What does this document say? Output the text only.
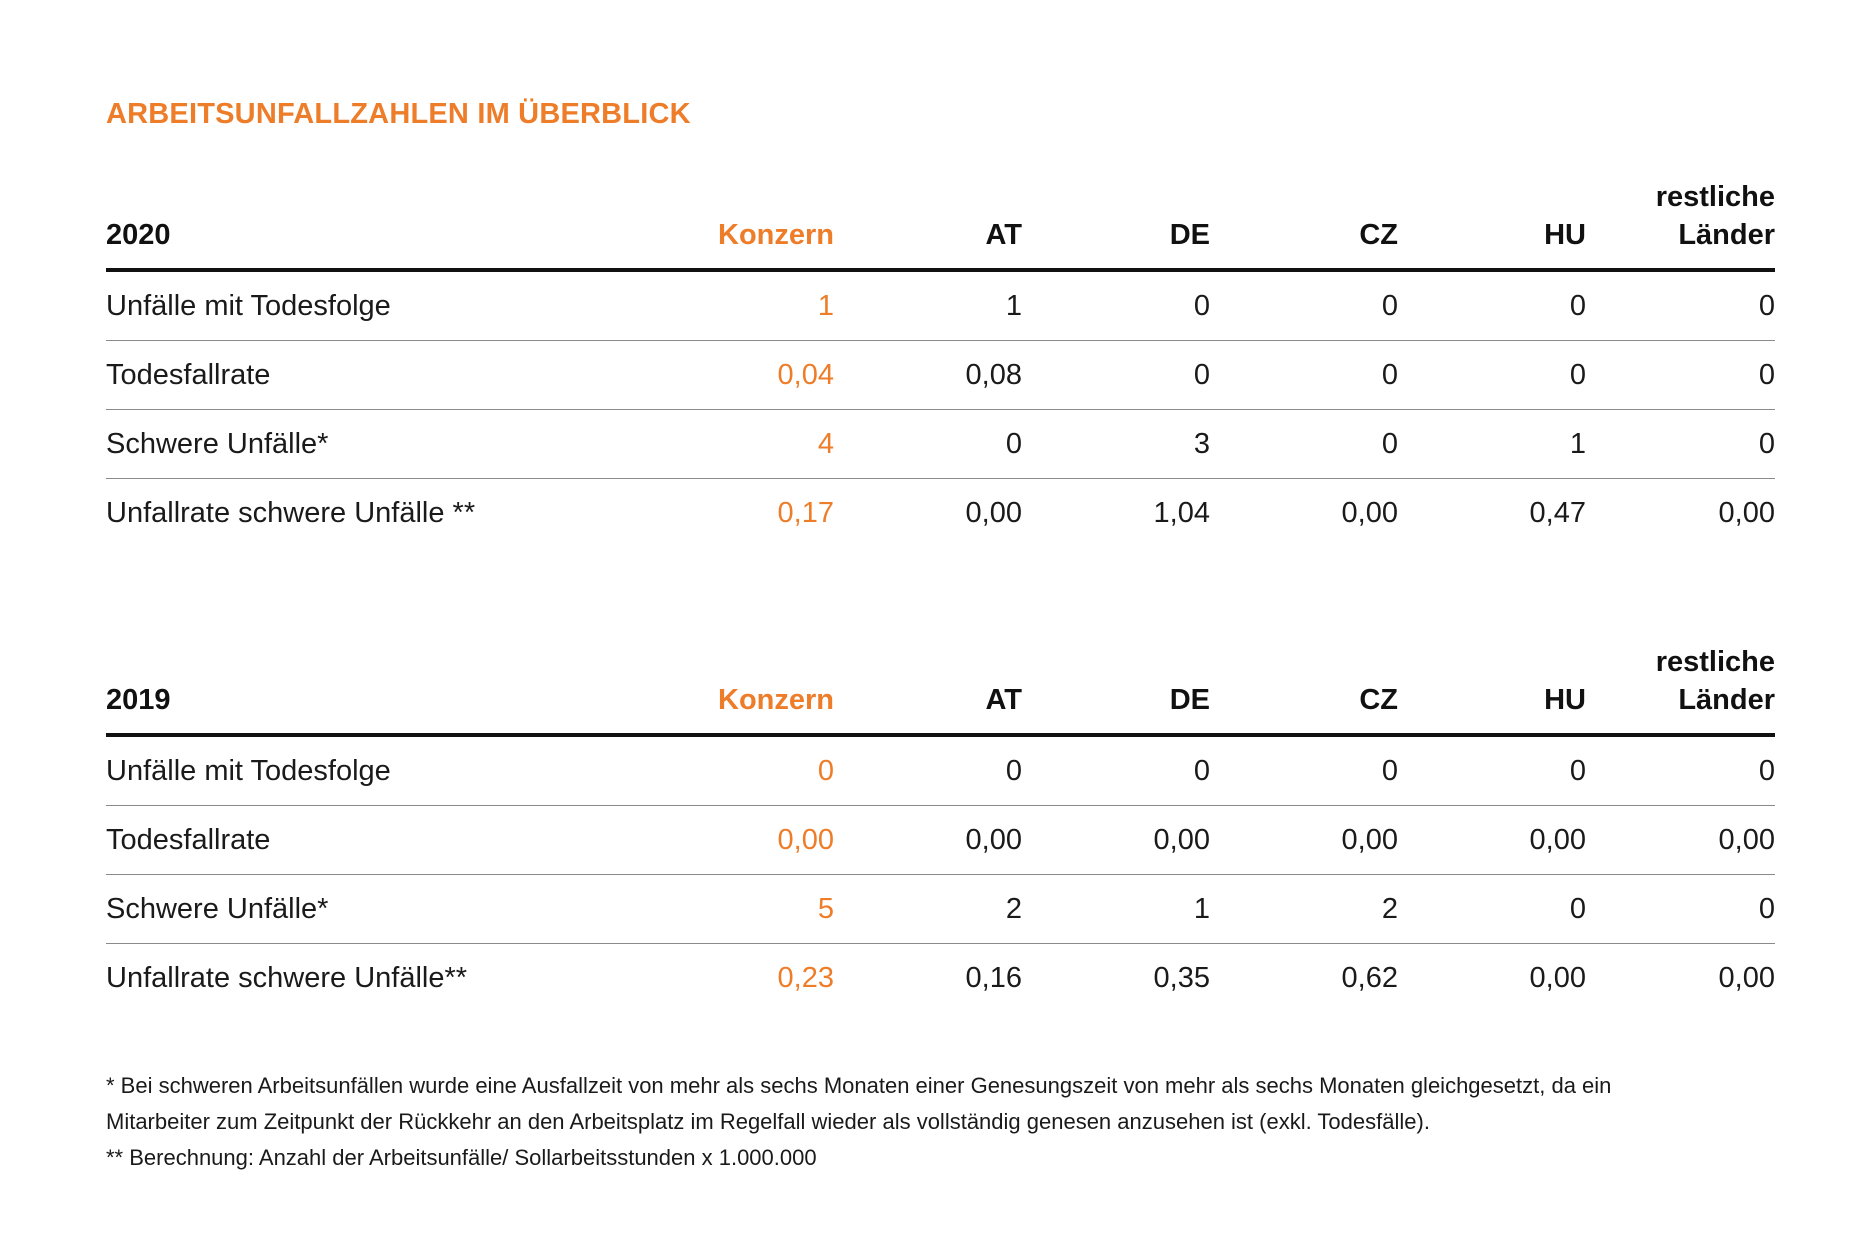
ARBEITSUNFALLZAHLEN IM ÜBERBLICK
2020	Konzern	AT	DE	CZ	HU	restliche
Länder
Unfälle mit Todesfolge	1	1	0	0	0	0
Todesfallrate	0,04	0,08	0	0	0	0
Schwere Unfälle*	4	0	3	0	1	0
Unfallrate schwere Unfälle **	0,17	0,00	1,04	0,00	0,47	0,00
2019	Konzern	AT	DE	CZ	HU	restliche
Länder
Unfälle mit Todesfolge	0	0	0	0	0	0
Todesfallrate	0,00	0,00	0,00	0,00	0,00	0,00
Schwere Unfälle*	5	2	1	2	0	0
Unfallrate schwere Unfälle**	0,23	0,16	0,35	0,62	0,00	0,00

* Bei schweren Arbeitsunfällen wurde eine Ausfallzeit von mehr als sechs Monaten einer Genesungszeit von mehr als sechs Monaten gleichgesetzt, da ein

Mitarbeiter zum Zeitpunkt der Rückkehr an den Arbeitsplatz im Regelfall wieder als vollständig genesen anzusehen ist (exkl. Todesfälle).

** Berechnung: Anzahl der Arbeitsunfälle/ Sollarbeitsstunden x 1.000.000
